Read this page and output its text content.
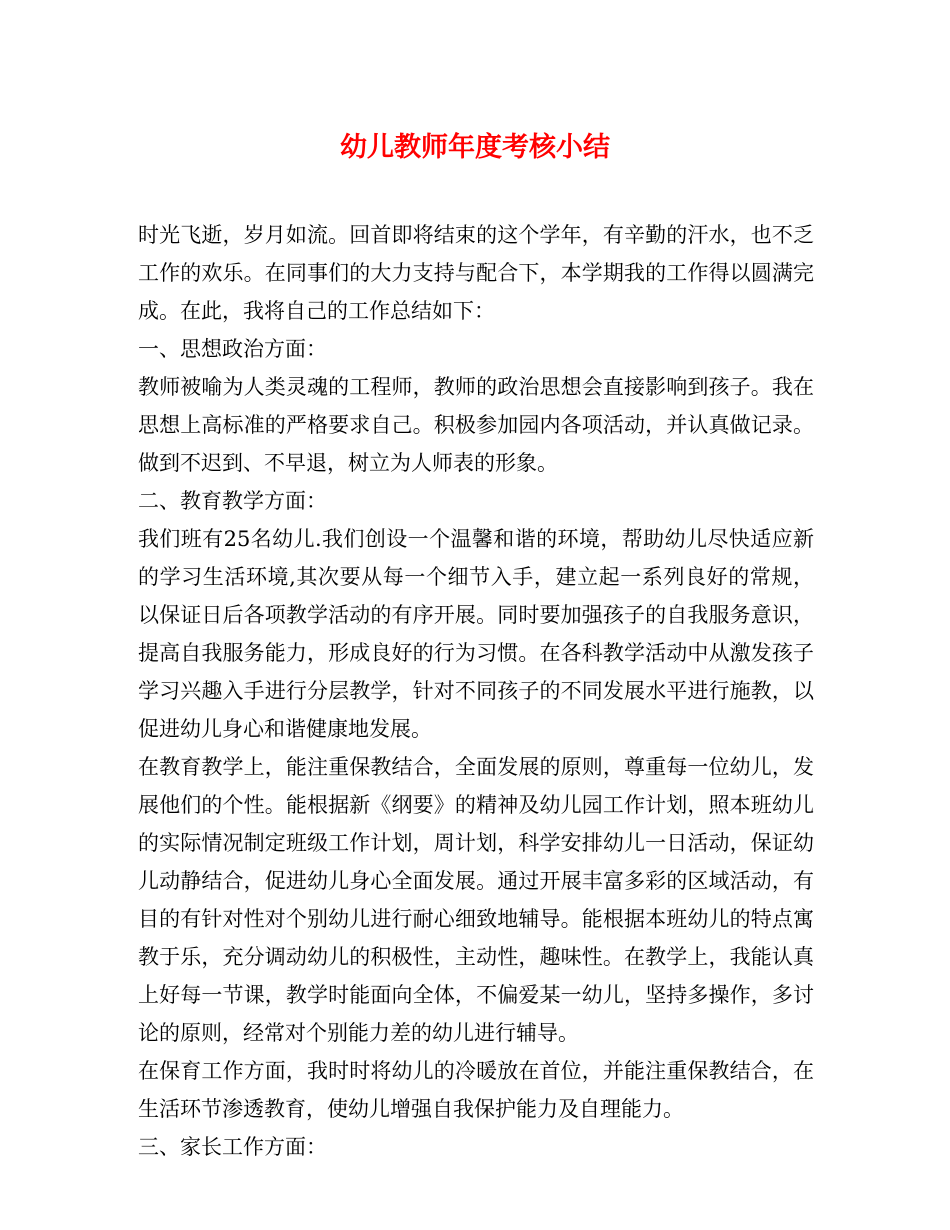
幼儿教师年度考核小结

时光飞逝，岁月如流。回首即将结束的这个学年，有辛勤的汗水，也不乏工作的欢乐。在同事们的大力支持与配合下，本学期我的工作得以圆满完成。在此，我将自己的工作总结如下：

一、思想政治方面：

教师被喻为人类灵魂的工程师，教师的政治思想会直接影响到孩子。我在思想上高标准的严格要求自己。积极参加园内各项活动，并认真做记录。做到不迟到、不早退，树立为人师表的形象。

二、教育教学方面：

我们班有25名幼儿.我们创设一个温馨和谐的环境，帮助幼儿尽快适应新的学习生活环境,其次要从每一个细节入手，建立起一系列良好的常规，以保证日后各项教学活动的有序开展。同时要加强孩子的自我服务意识，提高自我服务能力，形成良好的行为习惯。在各科教学活动中从激发孩子学习兴趣入手进行分层教学，针对不同孩子的不同发展水平进行施教，以促进幼儿身心和谐健康地发展。

在教育教学上，能注重保教结合，全面发展的原则，尊重每一位幼儿，发展他们的个性。能根据新《纲要》的精神及幼儿园工作计划，照本班幼儿的实际情况制定班级工作计划，周计划，科学安排幼儿一日活动，保证幼儿动静结合，促进幼儿身心全面发展。通过开展丰富多彩的区域活动，有目的有针对性对个别幼儿进行耐心细致地辅导。能根据本班幼儿的特点寓教于乐，充分调动幼儿的积极性，主动性，趣味性。在教学上，我能认真上好每一节课，教学时能面向全体，不偏爱某一幼儿，坚持多操作，多讨论的原则，经常对个别能力差的幼儿进行辅导。

在保育工作方面，我时时将幼儿的冷暖放在首位，并能注重保教结合，在生活环节渗透教育，使幼儿增强自我保护能力及自理能力。

三、家长工作方面：
